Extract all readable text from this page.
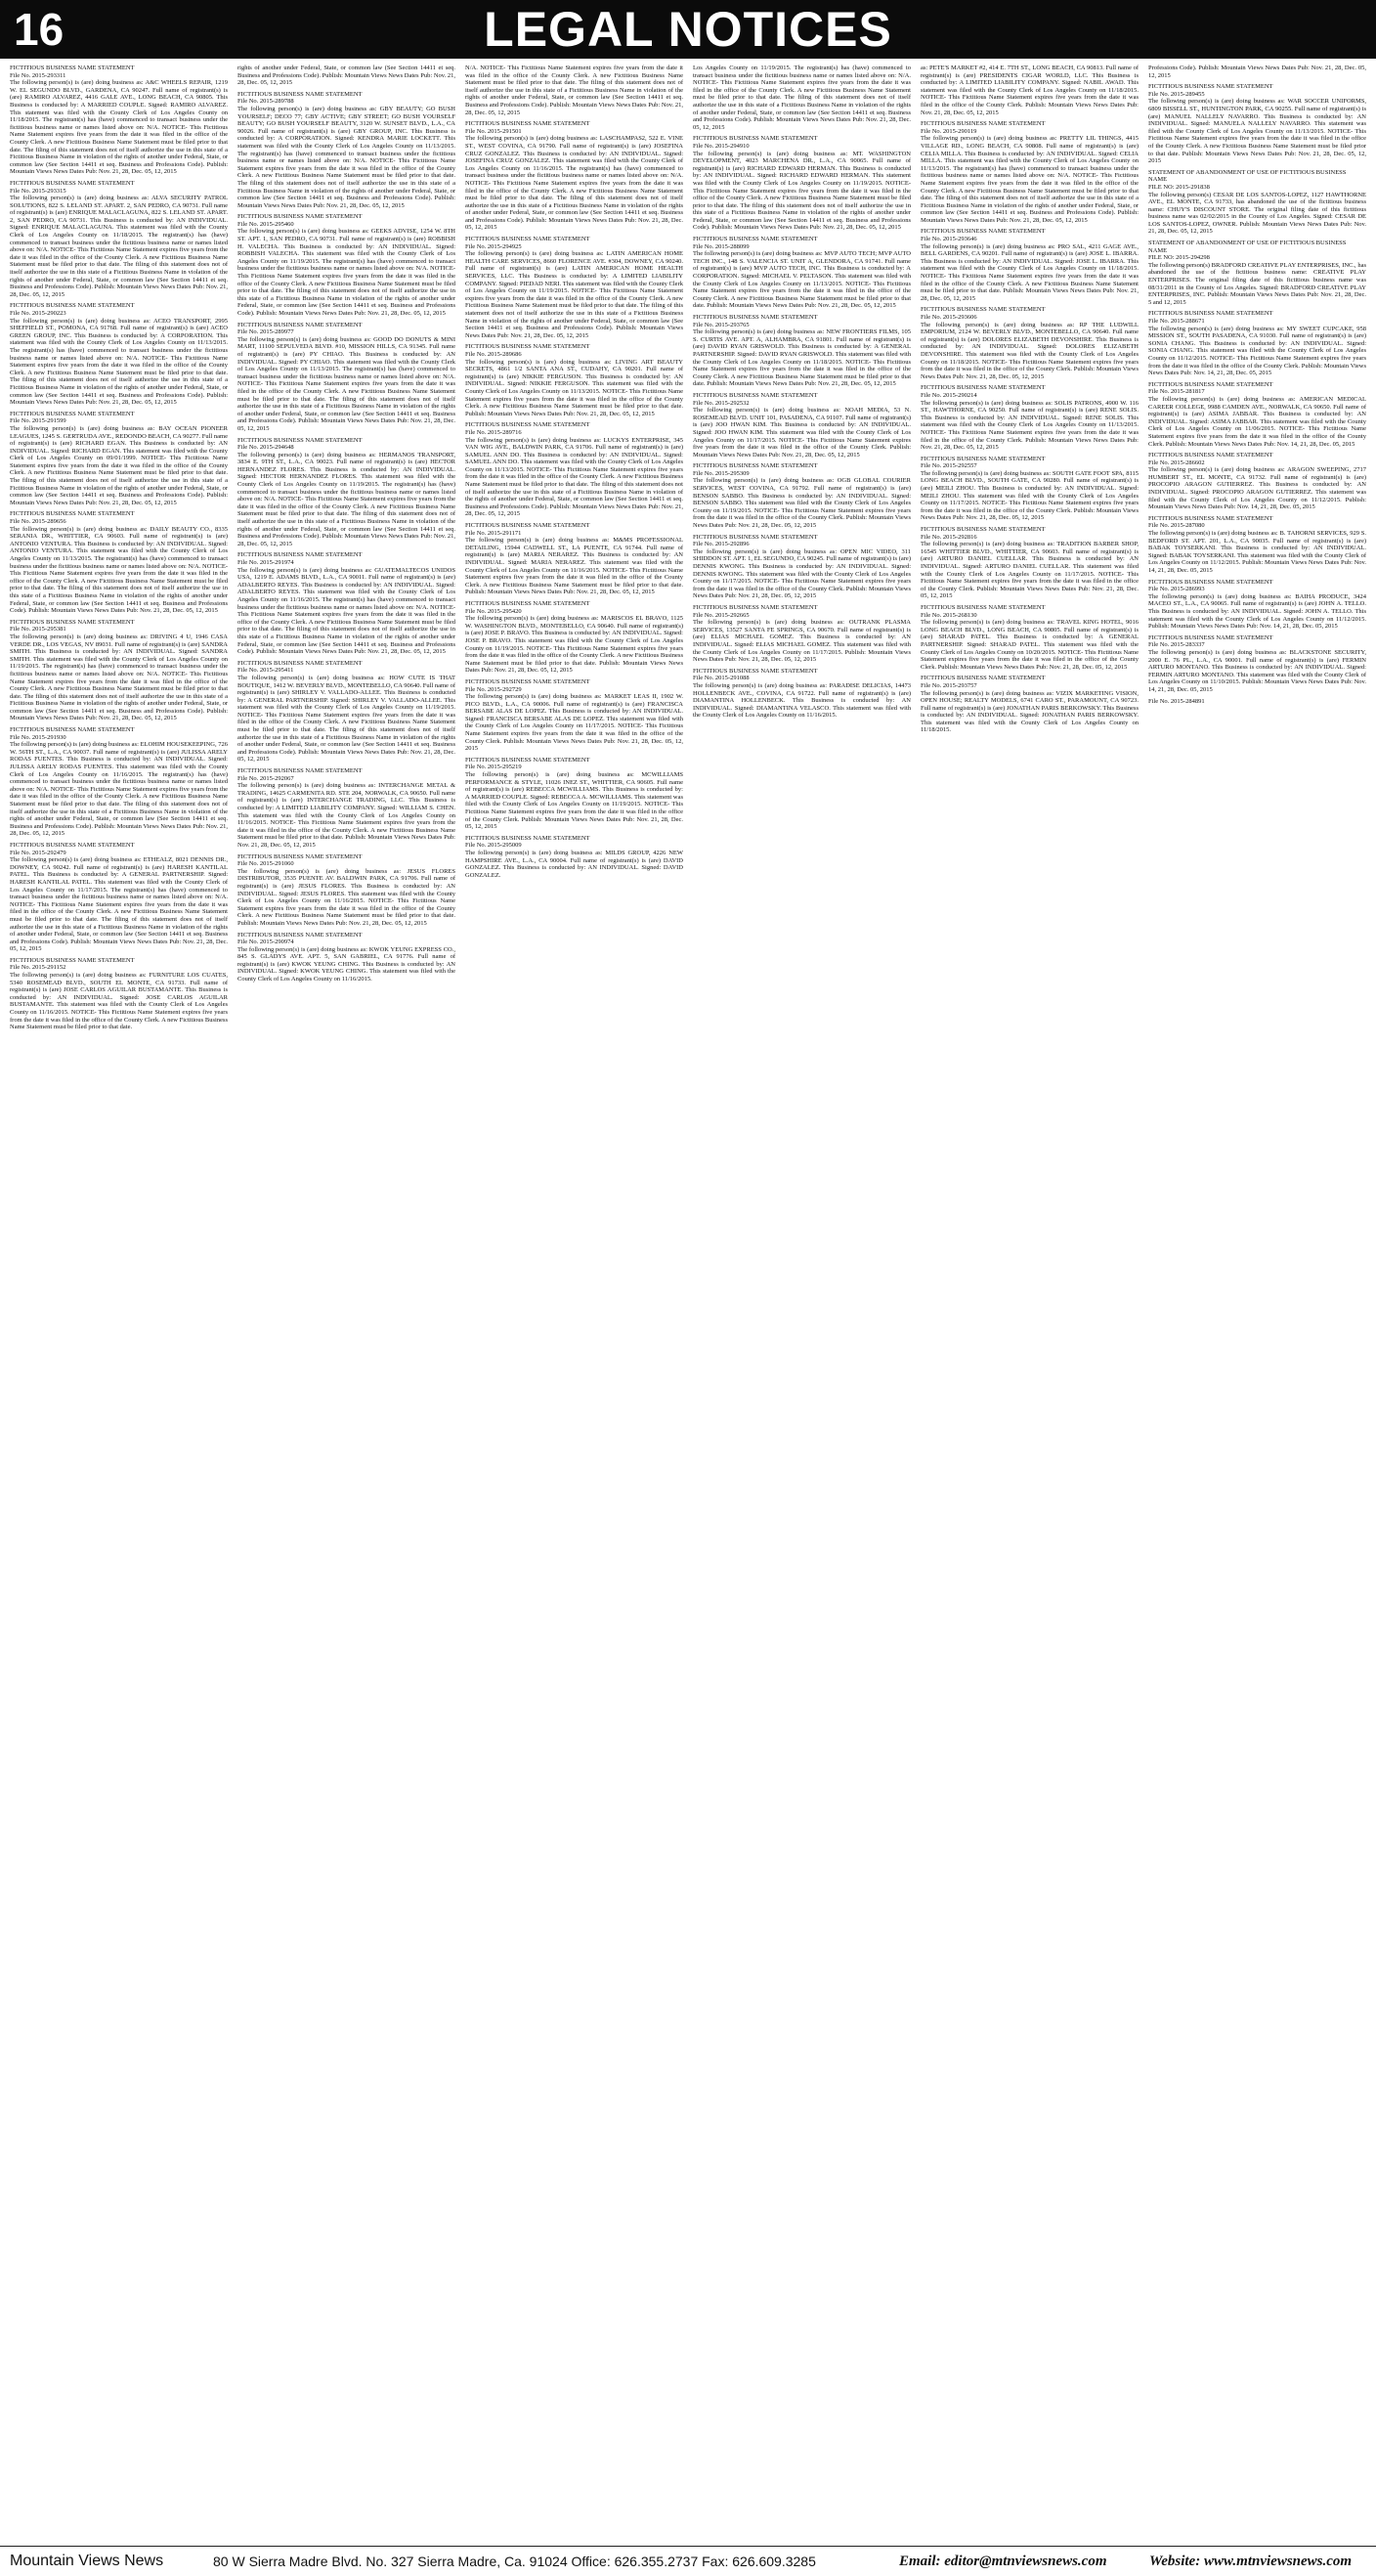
16	LEGAL NOTICES
FICTITIOUS BUSINESS NAME STATEMENT
File No. 2015-293311
The following person(s) is (are) doing business as: A&C WHEELS REPAIR, 1219 W. EL SEGUNDO BLVD., GARDENA, CA 90247. Full name of registrant(s) is (are) RAMIRO ALVAREZ, 4416 GALE AVE., LONG BEACH, CA 90805. This Business is conducted by: A MARRIED COUPLE. Signed: RAMIRO ALVAREZ. This statement was filed with the County Clerk of Los Angeles County on 11/18/2015. The registrant(s) has (have) commenced to transact business under the fictitious business name or names listed above on: N/A. NOTICE- This Fictitious Name Statement expires five years from the date it was filed in the office of the County Clerk. A new Fictitious Business Name Statement must be filed prior to that date. The filing of this statement does not of itself authorize the use in this state of a Fictitious Business Name in violation of the rights of another under Federal, State, or common law (See Section 14411 et seq. Business and Professions Code). Publish: Mountain Views News Dates Pub: Nov. 21, 28, Dec. 05, 12, 2015
FICTITIOUS BUSINESS NAME STATEMENT
File No. 2015-293315
The following person(s) is (are) doing business as: ALVA SECURITY PATROL SOLUTIONS, 822 S. LELAND ST. APART. 2, SAN PEDRO, CA 90731. Full name of registrant(s) is (are) ENRIQUE MALACLAGUNA, 822 S. LELAND ST. APART. 2, SAN PEDRO, CA 90731. This Business is conducted by: AN INDIVIDUAL. Signed: ENRIQUE MALACLAGUNA. This statement was filed with the County Clerk of Los Angeles County on 11/18/2015. The registrant(s) has (have) commenced to transact business under the fictitious business name or names listed above on: N/A. NOTICE- This Fictitious Name Statement expires five years from the date it was filed in the office of the County Clerk. A new Fictitious Business Name Statement must be filed prior to that date. The filing of this statement does not of itself authorize the use in this state of a Fictitious Business Name in violation of the rights of another under Federal, State, or common law (See Section 14411 et seq. Business and Professions Code). Publish: Mountain Views News Dates Pub: Nov. 21, 28, Dec. 05, 12, 2015
FICTITIOUS BUSINESS NAME STATEMENT
File No. 2015-290223
The following person(s) is (are) doing business as: ACEO TRANSPORT, 2995 SHEFFIELD ST., POMONA, CA 91768. Full name of registrant(s) is (are) ACEO GREEN GROUP, INC. This Business is conducted by: A CORPORATION. This statement was filed with the County Clerk of Los Angeles County on 11/13/2015. The registrant(s) has (have) commenced to transact business under the fictitious business name or names listed above on: N/A. NOTICE- This Fictitious Name Statement expires five years from the date it was filed in the office of the County Clerk. A new Fictitious Business Name Statement must be filed prior to that date. The filing of this statement does not of itself authorize the use in this state of a Fictitious Business Name in violation of the rights of another under Federal, State, or common law (See Section 14411 et seq. Business and Professions Code). Publish: Mountain Views News Dates Pub: Nov. 21, 28, Dec. 05, 12, 2015
FICTITIOUS BUSINESS NAME STATEMENT
File No. 2015-291599
The following person(s) is (are) doing business as: BAY OCEAN PIONEER LEAGUES, 1245 S. GERTRUDA AVE., REDONDO BEACH, CA 90277. Full name of registrant(s) is (are) RICHARD EGAN. This Business is conducted by: AN INDIVIDUAL. Signed: RICHARD EGAN. This statement was filed with the County Clerk of Los Angeles County on 09/01/1999. NOTICE- This Fictitious Name Statement expires five years from the date it was filed in the office of the County Clerk. A new Fictitious Business Name Statement must be filed prior to that date. The filing of this statement does not of itself authorize the use in this state of a Fictitious Business Name in violation of the rights of another under Federal, State, or common law (See Section 14411 et seq. Business and Professions Code). Publish: Mountain Views News Dates Pub: Nov. 21, 28, Dec. 05, 12, 2015
FICTITIOUS BUSINESS NAME STATEMENT
File No. 2015-289656
The following person(s) is (are) doing business as: DAILY BEAUTY CO., 8335 SERANIA DR., WHITTIER, CA 90603. Full name of registrant(s) is (are) ANTONIO VENTURA. This Business is conducted by: AN INDIVIDUAL. Signed: ANTONIO VENTURA. This statement was filed with the County Clerk of Los Angeles County on 11/13/2015. The registrant(s) has (have) commenced to transact business under the fictitious business name or names listed above on: N/A. NOTICE- This Fictitious Name Statement expires five years from the date it was filed in the office of the County Clerk. A new Fictitious Business Name Statement must be filed prior to that date. The filing of this statement does not of itself authorize the use in this state of a Fictitious Business Name in violation of the rights of another under Federal, State, or common law (See Section 14411 et seq. Business and Professions Code). Publish: Mountain Views News Dates Pub: Nov. 21, 28, Dec. 05, 12, 2015
FICTITIOUS BUSINESS NAME STATEMENT
File No. 2015-295381
The following person(s) is (are) doing business as: DRIVING 4 U, 1946 CASA VERDE DR., LOS VEGAS, NV 89031. Full name of registrant(s) is (are) SANDRA SMITH. This Business is conducted by: AN INDIVIDUAL. Signed: SANDRA SMITH. This statement was filed with the County Clerk of Los Angeles County on 11/19/2015. The registrant(s) has (have) commenced to transact business under the fictitious business name or names listed above on: N/A. NOTICE- This Fictitious Name Statement expires five years from the date it was filed in the office of the County Clerk. A new Fictitious Business Name Statement must be filed prior to that date. The filing of this statement does not of itself authorize the use in this state of a Fictitious Business Name in violation of the rights of another under Federal, State, or common law (See Section 14411 et seq. Business and Professions Code). Publish: Mountain Views News Dates Pub: Nov. 21, 28, Dec. 05, 12, 2015
FICTITIOUS BUSINESS NAME STATEMENT
File No. 2015-291930
The following person(s) is (are) doing business as: ELOHIM HOUSEKEEPING, 726 W. 56TH ST., L.A., CA 90037. Full name of registrant(s) is (are) JULISSA ARELY RODAS FUENTES. This Business is conducted by: AN INDIVIDUAL. Signed: JULISSA ARELY RODAS FUENTES. This statement was filed with the County Clerk of Los Angeles County on 11/16/2015. The registrant(s) has (have) commenced to transact business under the fictitious business name or names listed above on: N/A. NOTICE- This Fictitious Name Statement expires five years from the date it was filed in the office of the County Clerk. A new Fictitious Business Name Statement must be filed prior to that date. The filing of this statement does not of itself authorize the use in this state of a Fictitious Business Name in violation of the rights of another under Federal, State, or common law (See Section 14411 et seq. Business and Professions Code). Publish: Mountain Views News Dates Pub: Nov. 21, 28, Dec. 05, 12, 2015
FICTITIOUS BUSINESS NAME STATEMENT
File No. 2015-292479
The following person(s) is (are) doing business as: ETHEALZ, 8021 DENNIS DR., DOWNEY, CA 90242. Full name of registrant(s) is (are) HARESH KANTILAL PATEL. This Business is conducted by: A GENERAL PARTNERSHIP. Signed: HARESH KANTILAL PATEL. This statement was filed with the County Clerk of Los Angeles County on 11/17/2015. The registrant(s) has (have) commenced to transact business under the fictitious business name or names listed above on: N/A. NOTICE- This Fictitious Name Statement expires five years from the date it was filed in the office of the County Clerk. A new Fictitious Business Name Statement must be filed prior to that date. The filing of this statement does not of itself authorize the use in this state of a Fictitious Business Name in violation of the rights of another under Federal, State, or common law (See Section 14411 et seq. Business and Professions Code). Publish: Mountain Views News Dates Pub: Nov. 21, 28, Dec. 05, 12, 2015
FICTITIOUS BUSINESS NAME STATEMENT
File No. 2015-291152
The following person(s) is (are) doing business as: FURNITURE LOS CUATES, 5340 ROSEMEAD BLVD., SOUTH EL MONTE, CA 91733. Full name of registrant(s) is (are) JOSE CARLOS AGUILAR BUSTAMANTE. This Business is conducted by: AN INDIVIDUAL. Signed: JOSE CARLOS AGUILAR BUSTAMANTE. This statement was filed with the County Clerk of Los Angeles County on 11/16/2015. NOTICE- This Fictitious Name Statement expires five years from the date it was filed in the office of the County Clerk. A new Fictitious Business Name Statement must be filed prior to that date.
rights of another under Federal, State, or common law (See Section 14411 et seq. Business and Professions Code). Publish: Mountain Views News Dates Pub: Nov. 21, 28, Dec. 05, 12, 2015
FICTITIOUS BUSINESS NAME STATEMENT
File No. 2015-289788
The following person(s) is (are) doing business as: GBY BEAUTY; GO BUSH YOURSELF; DECO 77; GBY ACTIVE; GBY STREET; GO BUSH YOURSELF BEAUTY; GO BUSH YOURSELF BEAUTY, 3120 W. SUNSET BLVD., L.A., CA 90026. Full name of registrant(s) is (are) GBY GROUP, INC. This Business is conducted by: A CORPORATION. Signed: KENDRA MARIE LOCKETT. This statement was filed with the County Clerk of Los Angeles County on 11/13/2015. The registrant(s) has (have) commenced to transact business under the fictitious business name or names listed above on: N/A. NOTICE- This Fictitious Name Statement expires five years from the date it was filed in the office of the County Clerk. A new Fictitious Business Name Statement must be filed prior to that date. The filing of this statement does not of itself authorize the use in this state of a Fictitious Business Name in violation of the rights of another under Federal, State, or common law (See Section 14411 et seq. Business and Professions Code). Publish: Mountain Views News Dates Pub: Nov. 21, 28, Dec. 05, 12, 2015
FICTITIOUS BUSINESS NAME STATEMENT
File No. 2015-295460
The following person(s) is (are) doing business as: GEEKS ADVISE, 1254 W. 8TH ST. APT. 1, SAN PEDRO, CA 90731. Full name of registrant(s) is (are) ROBBISH H. VALECHA. This Business is conducted by: AN INDIVIDUAL. Signed: ROBBISH VALECHA. This statement was filed with the County Clerk of Los Angeles County on 11/19/2015. The registrant(s) has (have) commenced to transact business under the fictitious business name or names listed above on: N/A. NOTICE- This Fictitious Name Statement expires five years from the date it was filed in the office of the County Clerk. A new Fictitious Business Name Statement must be filed prior to that date. The filing of this statement does not of itself authorize the use in this state of a Fictitious Business Name in violation of the rights of another under Federal, State, or common law (See Section 14411 et seq. Business and Professions Code). Publish: Mountain Views News Dates Pub: Nov. 21, 28, Dec. 05, 12, 2015
FICTITIOUS BUSINESS NAME STATEMENT
File No. 2015-289977
The following person(s) is (are) doing business as: GOOD DO DONUTS & MINI MART, 11100 SEPULVEDA BLVD. #10, MISSION HILLS, CA 91345. Full name of registrant(s) is (are) PY CHIAO. This Business is conducted by: AN INDIVIDUAL. Signed: PY CHIAO. This statement was filed with the County Clerk of Los Angeles County on 11/13/2015. The registrant(s) has (have) commenced to transact business under the fictitious business name or names listed above on: N/A. NOTICE- This Fictitious Name Statement expires five years from the date it was filed in the office of the County Clerk. A new Fictitious Business Name Statement must be filed prior to that date. The filing of this statement does not of itself authorize the use in this state of a Fictitious Business Name in violation of the rights of another under Federal, State, or common law (See Section 14411 et seq. Business and Professions Code). Publish: Mountain Views News Dates Pub: Nov. 21, 28, Dec. 05, 12, 2015
FICTITIOUS BUSINESS NAME STATEMENT
File No. 2015-294648
The following person(s) is (are) doing business as: HERMANOS TRANSPORT, 3834 E. 9TH ST., L.A., CA 90023. Full name of registrant(s) is (are) HECTOR HERNANDEZ FLORES. This Business is conducted by: AN INDIVIDUAL. Signed: HECTOR HERNANDEZ FLORES. This statement was filed with the County Clerk of Los Angeles County on 11/19/2015. The registrant(s) has (have) commenced to transact business under the fictitious business name or names listed above on: N/A. NOTICE- This Fictitious Name Statement expires five years from the date it was filed in the office of the County Clerk. A new Fictitious Business Name Statement must be filed prior to that date. The filing of this statement does not of itself authorize the use in this state of a Fictitious Business Name in violation of the rights of another under Federal, State, or common law (See Section 14411 et seq. Business and Professions Code). Publish: Mountain Views News Dates Pub: Nov. 21, 28, Dec. 05, 12, 2015
FICTITIOUS BUSINESS NAME STATEMENT
File No. 2015-291974
The following person(s) is (are) doing business as: GUATEMALTECOS UNIDOS USA, 1219 E. ADAMS BLVD., L.A., CA 90011. Full name of registrant(s) is (are) ADALBERTO REYES. This Business is conducted by: AN INDIVIDUAL. Signed: ADALBERTO REYES. This statement was filed with the County Clerk of Los Angeles County on 11/16/2015. The registrant(s) has (have) commenced to transact business under the fictitious business name or names listed above on: N/A. NOTICE- This Fictitious Name Statement expires five years from the date it was filed in the office of the County Clerk. A new Fictitious Business Name Statement must be filed prior to that date. The filing of this statement does not of itself authorize the use in this state of a Fictitious Business Name in violation of the rights of another under Federal, State, or common law (See Section 14411 et seq. Business and Professions Code). Publish: Mountain Views News Dates Pub: Nov. 21, 28, Dec. 05, 12, 2015
FICTITIOUS BUSINESS NAME STATEMENT
File No. 2015-295411
The following person(s) is (are) doing business as: HOW CUTE IS THAT BOUTIQUE, 1412 W. BEVERLY BLVD., MONTEBELLO, CA 90640. Full name of registrant(s) is (are) SHIRLEY V. VALLADO-ALLEE. This Business is conducted by: A GENERAL PARTNERSHIP. Signed: SHIRLEY V. VALLADO-ALLEE. This statement was filed with the County Clerk of Los Angeles County on 11/19/2015. NOTICE- This Fictitious Name Statement expires five years from the date it was filed in the office of the County Clerk. A new Fictitious Business Name Statement must be filed prior to that date. The filing of this statement does not of itself authorize the use in this state of a Fictitious Business Name in violation of the rights of another under Federal, State, or common law (See Section 14411 et seq. Business and Professions Code). Publish: Mountain Views News Dates Pub: Nov. 21, 28, Dec. 05, 12, 2015
FICTITIOUS BUSINESS NAME STATEMENT
File No. 2015-292067
The following person(s) is (are) doing business as: INTERCHANGE METAL & TRADING, 14625 CARMENITA RD. STE 204, NORWALK, CA 90650. Full name of registrant(s) is (are) INTERCHANGE TRADING, LLC. This Business is conducted by: A LIMITED LIABILITY COMPANY. Signed: WILLIAM S. CHEN. This statement was filed with the County Clerk of Los Angeles County on 11/16/2015. NOTICE- This Fictitious Name Statement expires five years from the date it was filed in the office of the County Clerk. A new Fictitious Business Name Statement must be filed prior to that date. Publish: Mountain Views News Dates Pub: Nov. 21, 28, Dec. 05, 12, 2015
FICTITIOUS BUSINESS NAME STATEMENT
File No. 2015-291060
The following person(s) is (are) doing business as: JESUS FLORES DISTRIBUTOR, 3535 PUENTE AV. BALDWIN PARK, CA 91706. Full name of registrant(s) is (are) JESUS FLORES. This Business is conducted by: AN INDIVIDUAL. Signed: JESUS FLORES. This statement was filed with the County Clerk of Los Angeles County on 11/16/2015. NOTICE- This Fictitious Name Statement expires five years from the date it was filed in the office of the County Clerk. A new Fictitious Business Name Statement must be filed prior to that date. Publish: Mountain Views News Dates Pub: Nov. 21, 28, Dec. 05, 12, 2015
FICTITIOUS BUSINESS NAME STATEMENT
File No. 2015-290974
The following person(s) is (are) doing business as: KWOK YEUNG EXPRESS CO., 845 S. GLADYS AVE. APT. 5, SAN GABRIEL, CA 91776. Full name of registrant(s) is (are) KWOK YEUNG CHING. This Business is conducted by: AN INDIVIDUAL. Signed: KWOK YEUNG CHING. This statement was filed with the County Clerk of Los Angeles County on 11/16/2015.
N/A. NOTICE- This Fictitious Name Statement expires five years from the date it was filed in the office of the County Clerk. A new Fictitious Business Name Statement must be filed prior to that date. The filing of this statement does not of itself authorize the use in this state of a Fictitious Business Name in violation of the rights of another under Federal, State, or common law (See Section 14411 et seq. Business and Professions Code). Publish: Mountain Views News Dates Pub: Nov. 21, 28, Dec. 05, 12, 2015
FICTITIOUS BUSINESS NAME STATEMENT
File No. 2015-291501
The following person(s) is (are) doing business as: LASCHAMPAS2, 522 E. VINE ST., WEST COVINA, CA 91790. Full name of registrant(s) is (are) JOSEFINA CRUZ GONZALEZ. This Business is conducted by: AN INDIVIDUAL. Signed: JOSEFINA CRUZ GONZALEZ. This statement was filed with the County Clerk of Los Angeles County on 11/16/2015. The registrant(s) has (have) commenced to transact business under the fictitious business name or names listed above on: N/A. NOTICE- This Fictitious Name Statement expires five years from the date it was filed in the office of the County Clerk. A new Fictitious Business Name Statement must be filed prior to that date. The filing of this statement does not of itself authorize the use in this state of a Fictitious Business Name in violation of the rights of another under Federal, State, or common law (See Section 14411 et seq. Business and Professions Code). Publish: Mountain Views News Dates Pub: Nov. 21, 28, Dec. 05, 12, 2015
FICTITIOUS BUSINESS NAME STATEMENT
File No. 2015-294925
The following person(s) is (are) doing business as: LATIN AMERICAN HOME HEALTH CARE SERVICES, 8660 FLORENCE AVE. #304, DOWNEY, CA 90240. Full name of registrant(s) is (are) LATIN AMERICAN HOME HEALTH SERVICES, LLC. This Business is conducted by: A LIMITED LIABILITY COMPANY. Signed: PIEDAD NERI. This statement was filed with the County Clerk of Los Angeles County on 11/19/2015. NOTICE- This Fictitious Name Statement expires five years from the date it was filed in the office of the County Clerk. A new Fictitious Business Name Statement must be filed prior to that date. The filing of this statement does not of itself authorize the use in this state of a Fictitious Business Name in violation of the rights of another under Federal, State, or common law (See Section 14411 et seq. Business and Professions Code). Publish: Mountain Views News Dates Pub: Nov. 21, 28, Dec. 05, 12, 2015
FICTITIOUS BUSINESS NAME STATEMENT
File No. 2015-289686
The following person(s) is (are) doing business as: LIVING ART BEAUTY SECRETS, 4861 1/2 SANTA ANA ST., CUDAHY, CA 90201. Full name of registrant(s) is (are) NIKKIE FERGUSON. This Business is conducted by: AN INDIVIDUAL. Signed: NIKKIE FERGUSON. This statement was filed with the County Clerk of Los Angeles County on 11/13/2015. NOTICE- This Fictitious Name Statement expires five years from the date it was filed in the office of the County Clerk. A new Fictitious Business Name Statement must be filed prior to that date. Publish: Mountain Views News Dates Pub: Nov. 21, 28, Dec. 05, 12, 2015
FICTITIOUS BUSINESS NAME STATEMENT
File No. 2015-289716
The following person(s) is (are) doing business as: LUCKYS ENTERPRISE, 345 VAN WIG AVE., BALDWIN PARK, CA 91706. Full name of registrant(s) is (are) SAMUEL ANN DO. This Business is conducted by: AN INDIVIDUAL. Signed: SAMUEL ANN DO. This statement was filed with the County Clerk of Los Angeles County on 11/13/2015. NOTICE- This Fictitious Name Statement expires five years from the date it was filed in the office of the County Clerk. A new Fictitious Business Name Statement must be filed prior to that date. The filing of this statement does not of itself authorize the use in this state of a Fictitious Business Name in violation of the rights of another under Federal, State, or common law (See Section 14411 et seq. Business and Professions Code). Publish: Mountain Views News Dates Pub: Nov. 21, 28, Dec. 05, 12, 2015
FICTITIOUS BUSINESS NAME STATEMENT
File No. 2015-291171
The following person(s) is (are) doing business as: M&MS PROFESSIONAL DETAILING, 15944 CADWELL ST., LA PUENTE, CA 91744. Full name of registrant(s) is (are) MARIA NERAREZ. This Business is conducted by: AN INDIVIDUAL. Signed: MARIA NERAREZ. This statement was filed with the County Clerk of Los Angeles County on 11/16/2015. NOTICE- This Fictitious Name Statement expires five years from the date it was filed in the office of the County Clerk. A new Fictitious Business Name Statement must be filed prior to that date. Publish: Mountain Views News Dates Pub: Nov. 21, 28, Dec. 05, 12, 2015
FICTITIOUS BUSINESS NAME STATEMENT
File No. 2015-295420
The following person(s) is (are) doing business as: MARISCOS EL BRAVO, 1125 W. WASHINGTON BLVD., MONTEBELLO, CA 90640. Full name of registrant(s) is (are) JOSE P. BRAVO. This Business is conducted by: AN INDIVIDUAL. Signed: JOSE P. BRAVO. This statement was filed with the County Clerk of Los Angeles County on 11/19/2015. NOTICE- This Fictitious Name Statement expires five years from the date it was filed in the office of the County Clerk. A new Fictitious Business Name Statement must be filed prior to that date. Publish: Mountain Views News Dates Pub: Nov. 21, 28, Dec. 05, 12, 2015
FICTITIOUS BUSINESS NAME STATEMENT
File No. 2015-292729
The following person(s) is (are) doing business as: MARKET LEAS II, 1902 W. PICO BLVD., L.A., CA 90006. Full name of registrant(s) is (are) FRANCISCA BERSABE ALAS DE LOPEZ. This Business is conducted by: AN INDIVIDUAL. Signed: FRANCISCA BERSABE ALAS DE LOPEZ. This statement was filed with the County Clerk of Los Angeles County on 11/17/2015. NOTICE- This Fictitious Name Statement expires five years from the date it was filed in the office of the County Clerk. Publish: Mountain Views News Dates Pub: Nov. 21, 28, Dec. 05, 12, 2015
FICTITIOUS BUSINESS NAME STATEMENT
File No. 2015-295219
The following person(s) is (are) doing business as: MCWILLIAMS PERFORMANCE & STYLE, 11026 INEZ ST., WHITTIER, CA 90605. Full name of registrant(s) is (are) REBECCA MCWILLIAMS. This Business is conducted by: A MARRIED COUPLE. Signed: REBECCA A. MCWILLIAMS. This statement was filed with the County Clerk of Los Angeles County on 11/19/2015. NOTICE- This Fictitious Name Statement expires five years from the date it was filed in the office of the County Clerk. Publish: Mountain Views News Dates Pub: Nov. 21, 28, Dec. 05, 12, 2015
FICTITIOUS BUSINESS NAME STATEMENT
File No. 2015-295009
The following person(s) is (are) doing business as: MILDS GROUP, 4226 NEW HAMPSHIRE AVE., L.A., CA 90004. Full name of registrant(s) is (are) DAVID GONZALEZ. This Business is conducted by: AN INDIVIDUAL. Signed: DAVID GONZALEZ.
Los Angeles County on 11/19/2015. The registrant(s) has (have) commenced to transact business under the fictitious business name or names listed above on: N/A. NOTICE- This Fictitious Name Statement expires five years from the date it was filed in the office of the County Clerk. A new Fictitious Business Name Statement must be filed prior to that date. The filing of this statement does not of itself authorize the use in this state of a Fictitious Business Name in violation of the rights of another under Federal, State, or common law (See Section 14411 et seq. Business and Professions Code). Publish: Mountain Views News Dates Pub: Nov. 21, 28, Dec. 05, 12, 2015
FICTITIOUS BUSINESS NAME STATEMENT
File No. 2015-294910
The following person(s) is (are) doing business as: MT. WASHINGTON DEVELOPMENT, 4023 MARCHENA DR., L.A., CA 90065. Full name of registrant(s) is (are) RICHARD EDWARD HERMAN. This Business is conducted by: AN INDIVIDUAL. Signed: RICHARD EDWARD HERMAN. This statement was filed with the County Clerk of Los Angeles County on 11/19/2015. NOTICE- This Fictitious Name Statement expires five years from the date it was filed in the office of the County Clerk. A new Fictitious Business Name Statement must be filed prior to that date. The filing of this statement does not of itself authorize the use in this state of a Fictitious Business Name in violation of the rights of another under Federal, State, or common law (See Section 14411 et seq. Business and Professions Code). Publish: Mountain Views News Dates Pub: Nov. 21, 28, Dec. 05, 12, 2015
FICTITIOUS BUSINESS NAME STATEMENT
File No. 2015-288099
The following person(s) is (are) doing business as: MVP AUTO TECH; MVP AUTO TECH INC., 148 S. VALENCIA ST. UNIT A, GLENDORA, CA 91741. Full name of registrant(s) is (are) MVP AUTO TECH, INC. This Business is conducted by: A CORPORATION. Signed: MICHAEL V. PELTASON. This statement was filed with the County Clerk of Los Angeles County on 11/13/2015. NOTICE- This Fictitious Name Statement expires five years from the date it was filed in the office of the County Clerk. A new Fictitious Business Name Statement must be filed prior to that date. Publish: Mountain Views News Dates Pub: Nov. 21, 28, Dec. 05, 12, 2015
FICTITIOUS BUSINESS NAME STATEMENT
File No. 2015-293765
The following person(s) is (are) doing business as: NEW FRONTIERS FILMS, 105 S. CURTIS AVE. APT. A, ALHAMBRA, CA 91801. Full name of registrant(s) is (are) DAVID RYAN GRISWOLD. This Business is conducted by: A GENERAL PARTNERSHIP. Signed: DAVID RYAN GRISWOLD. This statement was filed with the County Clerk of Los Angeles County on 11/18/2015. NOTICE- This Fictitious Name Statement expires five years from the date it was filed in the office of the County Clerk. A new Fictitious Business Name Statement must be filed prior to that date. Publish: Mountain Views News Dates Pub: Nov. 21, 28, Dec. 05, 12, 2015
FICTITIOUS BUSINESS NAME STATEMENT
File No. 2015-292532
The following person(s) is (are) doing business as: NOAH MEDIA, 53 N. ROSEMEAD BLVD. UNIT 101, PASADENA, CA 91107. Full name of registrant(s) is (are) JOO HWAN KIM. This Business is conducted by: AN INDIVIDUAL. Signed: JOO HWAN KIM. This statement was filed with the County Clerk of Los Angeles County on 11/17/2015. NOTICE- This Fictitious Name Statement expires five years from the date it was filed in the office of the County Clerk. Publish: Mountain Views News Dates Pub: Nov. 21, 28, Dec. 05, 12, 2015
FICTITIOUS BUSINESS NAME STATEMENT
File No. 2015-295309
The following person(s) is (are) doing business as: OGB GLOBAL COURIER SERVICES, WEST COVINA, CA 91792. Full name of registrant(s) is (are) BENSON SABBO. This Business is conducted by: AN INDIVIDUAL. Signed: BENSON SABBO. This statement was filed with the County Clerk of Los Angeles County on 11/19/2015. NOTICE- This Fictitious Name Statement expires five years from the date it was filed in the office of the County Clerk. Publish: Mountain Views News Dates Pub: Nov. 21, 28, Dec. 05, 12, 2015
FICTITIOUS BUSINESS NAME STATEMENT
File No. 2015-292896
The following person(s) is (are) doing business as: OPEN MIC VIDEO, 311 SHIDDON ST. APT. 1, EL SEGUNDO, CA 90245. Full name of registrant(s) is (are) DENNIS KWONG. This Business is conducted by: AN INDIVIDUAL. Signed: DENNIS KWONG. This statement was filed with the County Clerk of Los Angeles County on 11/17/2015. NOTICE- This Fictitious Name Statement expires five years from the date it was filed in the office of the County Clerk. Publish: Mountain Views News Dates Pub: Nov. 21, 28, Dec. 05, 12, 2015
FICTITIOUS BUSINESS NAME STATEMENT
File No. 2015-292665
The following person(s) is (are) doing business as: OUTRANK PLASMA SERVICES, 13527 SANTA FE SPRINGS, CA 90670. Full name of registrant(s) is (are) ELIAS MICHAEL GOMEZ. This Business is conducted by: AN INDIVIDUAL. Signed: ELIAS MICHAEL GOMEZ. This statement was filed with the County Clerk of Los Angeles County on 11/17/2015. Publish: Mountain Views News Dates Pub: Nov. 21, 28, Dec. 05, 12, 2015
FICTITIOUS BUSINESS NAME STATEMENT
File No. 2015-291088
The following person(s) is (are) doing business as: PARADISE DELICIAS, 14473 HOLLENBECK AVE., COVINA, CA 91722. Full name of registrant(s) is (are) DIAMANTINA HOLLENBECK. This Business is conducted by: AN INDIVIDUAL. Signed: DIAMANTINA VELASCO. This statement was filed with the County Clerk of Los Angeles County on 11/16/2015.
as: PETE'S MARKET #2, 414 E. 7TH ST., LONG BEACH, CA 90813. Full name of registrant(s) is (are) PRESIDENTS CIGAR WORLD, LLC. This Business is conducted by: A LIMITED LIABILITY COMPANY. Signed: NABIL AWAD. This statement was filed with the County Clerk of Los Angeles County on 11/18/2015. NOTICE- This Fictitious Name Statement expires five years from the date it was filed in the office of the County Clerk. Publish: Mountain Views News Dates Pub: Nov. 21, 28, Dec. 05, 12, 2015
FICTITIOUS BUSINESS NAME STATEMENT
File No. 2015-290119
The following person(s) is (are) doing business as: PRETTY LIL THINGS, 4415 VILLAGE RD., LONG BEACH, CA 90808. Full name of registrant(s) is (are) CELIA MILLA. This Business is conducted by: AN INDIVIDUAL. Signed: CELIA MILLA. This statement was filed with the County Clerk of Los Angeles County on 11/13/2015. The registrant(s) has (have) commenced to transact business under the fictitious business name or names listed above on: N/A. NOTICE- This Fictitious Name Statement expires five years from the date it was filed in the office of the County Clerk. A new Fictitious Business Name Statement must be filed prior to that date. The filing of this statement does not of itself authorize the use in this state of a Fictitious Business Name in violation of the rights of another under Federal, State, or common law (See Section 14411 et seq. Business and Professions Code). Publish: Mountain Views News Dates Pub: Nov. 21, 28, Dec. 05, 12, 2015
FICTITIOUS BUSINESS NAME STATEMENT
File No. 2015-293646
The following person(s) is (are) doing business as: PRO SAL, 4211 GAGE AVE., BELL GARDENS, CA 90201. Full name of registrant(s) is (are) JOSE L. IBARRA. This Business is conducted by: AN INDIVIDUAL. Signed: JOSE L. IBARRA. This statement was filed with the County Clerk of Los Angeles County on 11/18/2015. NOTICE- This Fictitious Name Statement expires five years from the date it was filed in the office of the County Clerk. A new Fictitious Business Name Statement must be filed prior to that date. Publish: Mountain Views News Dates Pub: Nov. 21, 28, Dec. 05, 12, 2015
FICTITIOUS BUSINESS NAME STATEMENT
File No. 2015-293606
The following person(s) is (are) doing business as: RP THE LUDWILL EMPORIUM, 2124 W. BEVERLY BLVD., MONTEBELLO, CA 90640. Full name of registrant(s) is (are) DOLORES ELIZABETH DEVONSHIRE. This Business is conducted by: AN INDIVIDUAL. Signed: DOLORES ELIZABETH DEVONSHIRE. This statement was filed with the County Clerk of Los Angeles County on 11/18/2015. NOTICE- This Fictitious Name Statement expires five years from the date it was filed in the office of the County Clerk. Publish: Mountain Views News Dates Pub: Nov. 21, 28, Dec. 05, 12, 2015
FICTITIOUS BUSINESS NAME STATEMENT
File No. 2015-290214
The following person(s) is (are) doing business as: SOLIS PATRONS, 4900 W. 116 ST., HAWTHORNE, CA 90250. Full name of registrant(s) is (are) RENE SOLIS. This Business is conducted by: AN INDIVIDUAL. Signed: RENE SOLIS. This statement was filed with the County Clerk of Los Angeles County on 11/13/2015. NOTICE- This Fictitious Name Statement expires five years from the date it was filed in the office of the County Clerk. Publish: Mountain Views News Dates Pub: Nov. 21, 28, Dec. 05, 12, 2015
FICTITIOUS BUSINESS NAME STATEMENT
File No. 2015-292557
The following person(s) is (are) doing business as: SOUTH GATE FOOT SPA, 8115 LONG BEACH BLVD., SOUTH GATE, CA 90280. Full name of registrant(s) is (are) MEILI ZHOU. This Business is conducted by: AN INDIVIDUAL. Signed: MEILI ZHOU. This statement was filed with the County Clerk of Los Angeles County on 11/17/2015. NOTICE- This Fictitious Name Statement expires five years from the date it was filed in the office of the County Clerk. Publish: Mountain Views News Dates Pub: Nov. 21, 28, Dec. 05, 12, 2015
FICTITIOUS BUSINESS NAME STATEMENT
File No. 2015-292816
The following person(s) is (are) doing business as: TRADITION BARBER SHOP, 16545 WHITTIER BLVD., WHITTIER, CA 90603. Full name of registrant(s) is (are) ARTURO DANIEL CUELLAR. This Business is conducted by: AN INDIVIDUAL. Signed: ARTURO DANIEL CUELLAR. This statement was filed with the County Clerk of Los Angeles County on 11/17/2015. NOTICE- This Fictitious Name Statement expires five years from the date it was filed in the office of the County Clerk. Publish: Mountain Views News Dates Pub: Nov. 21, 28, Dec. 05, 12, 2015
FICTITIOUS BUSINESS NAME STATEMENT
File No. 2015-268130
The following person(s) is (are) doing business as: TRAVEL KING HOTEL, 9016 LONG BEACH BLVD., LONG BEACH, CA 90805. Full name of registrant(s) is (are) SHARAD PATEL. This Business is conducted by: A GENERAL PARTNERSHIP. Signed: SHARAD PATEL. This statement was filed with the County Clerk of Los Angeles County on 10/20/2015. NOTICE- This Fictitious Name Statement expires five years from the date it was filed in the office of the County Clerk. Publish: Mountain Views News Dates Pub: Nov. 21, 28, Dec. 05, 12, 2015
FICTITIOUS BUSINESS NAME STATEMENT
File No. 2015-293757
The following person(s) is (are) doing business as: VIZIX MARKETING VISION, OPEN HOUSE; REALTY MODELS, 6741 CARO ST., PARAMOUNT, CA 90723. Full name of registrant(s) is (are) JONATHAN PARIS BERKOWSKY. This Business is conducted by: AN INDIVIDUAL. Signed: JONATHAN PARIS BERKOWSKY. This statement was filed with the County Clerk of Los Angeles County on 11/18/2015.
Professions Code). Publish: Mountain Views News Dates Pub: Nov. 21, 28, Dec. 05, 12, 2015
FICTITIOUS BUSINESS NAME STATEMENT
File No. 2015-289455
The following person(s) is (are) doing business as: WAR SOCCER UNIFORMS, 6809 BISSELL ST., HUNTINGTON PARK, CA 90255. Full name of registrant(s) is (are) MANUEL NALLELY NAVARRO. This Business is conducted by: AN INDIVIDUAL. Signed: MANUELA NALLELY NAVARRO. This statement was filed with the County Clerk of Los Angeles County on 11/13/2015. NOTICE- This Fictitious Name Statement expires five years from the date it was filed in the office of the County Clerk. A new Fictitious Business Name Statement must be filed prior to that date. Publish: Mountain Views News Dates Pub: Nov. 21, 28, Dec. 05, 12, 2015
STATEMENT OF ABANDONMENT OF USE OF FICTITIOUS BUSINESS NAME
FILE NO: 2015-291838
The following person(s) CESAR DE LOS SANTOS-LOPEZ, 1127 HAWTHORNE AVE., EL MONTE, CA 91733, has abandoned the use of the fictitious business name: CHUY'S DISCOUNT STORE. The original filing date of this fictitious business name was 02/02/2015 in the County of Los Angeles. Signed: CESAR DE LOS SANTOS-LOPEZ, OWNER. Publish: Mountain Views News Dates Pub: Nov. 21, 28, Dec. 05, 12, 2015
STATEMENT OF ABANDONMENT OF USE OF FICTITIOUS BUSINESS NAME
FILE NO: 2015-294298
The following person(s) BRADFORD CREATIVE PLAY ENTERPRISES, INC., has abandoned the use of the fictitious business name: CREATIVE PLAY ENTERPRISES. The original filing date of this fictitious business name was 08/31/2011 in the County of Los Angeles. Signed: BRADFORD CREATIVE PLAY ENTERPRISES, INC. Publish: Mountain Views News Dates Pub: Nov. 21, 28, Dec. 5 and 12, 2015
FICTITIOUS BUSINESS NAME STATEMENT
File No. 2015-288671
The following person(s) is (are) doing business as: MY SWEET CUPCAKE, 958 MISSION ST., SOUTH PASADENA, CA 91030. Full name of registrant(s) is (are) SONIA CHANG. This Business is conducted by: AN INDIVIDUAL. Signed: SONIA CHANG. This statement was filed with the County Clerk of Los Angeles County on 11/12/2015. NOTICE- This Fictitious Name Statement expires five years from the date it was filed in the office of the County Clerk. Publish: Mountain Views News Dates Pub: Nov. 14, 21, 28, Dec. 05, 2015
FICTITIOUS BUSINESS NAME STATEMENT
File No. 2015-281817
The following person(s) is (are) doing business as: AMERICAN MEDICAL CAREER COLLEGE, 9988 CAMDEN AVE., NORWALK, CA 90650. Full name of registrant(s) is (are) ASIMA JABBAR. This Business is conducted by: AN INDIVIDUAL. Signed: ASIMA JABBAR. This statement was filed with the County Clerk of Los Angeles County on 11/06/2015. NOTICE- This Fictitious Name Statement expires five years from the date it was filed in the office of the County Clerk. Publish: Mountain Views News Dates Pub: Nov. 14, 21, 28, Dec. 05, 2015
FICTITIOUS BUSINESS NAME STATEMENT
File No. 2015-286602
The following person(s) is (are) doing business as: ARAGON SWEEPING, 2717 HUMBERT ST., EL MONTE, CA 91732. Full name of registrant(s) is (are) PROCOPIO ARAGON GUTIERREZ. This Business is conducted by: AN INDIVIDUAL. Signed: PROCOPIO ARAGON GUTIERREZ. This statement was filed with the County Clerk of Los Angeles County on 11/12/2015. Publish: Mountain Views News Dates Pub: Nov. 14, 21, 28, Dec. 05, 2015
FICTITIOUS BUSINESS NAME STATEMENT
File No. 2015-287080
The following person(s) is (are) doing business as: B. TAHORNI SERVICES, 929 S. BEDFORD ST. APT. 201, L.A., CA 90035. Full name of registrant(s) is (are) BABAK TOYSERKANI. This Business is conducted by: AN INDIVIDUAL. Signed: BABAK TOYSERKANI. This statement was filed with the County Clerk of Los Angeles County on 11/12/2015. Publish: Mountain Views News Dates Pub: Nov. 14, 21, 28, Dec. 05, 2015
FICTITIOUS BUSINESS NAME STATEMENT
File No. 2015-286993
The following person(s) is (are) doing business as: BAIHA PRODUCE, 3424 MACEO ST., L.A., CA 90065. Full name of registrant(s) is (are) JOHN A. TELLO. This Business is conducted by: AN INDIVIDUAL. Signed: JOHN A. TELLO. This statement was filed with the County Clerk of Los Angeles County on 11/12/2015. Publish: Mountain Views News Dates Pub: Nov. 14, 21, 28, Dec. 05, 2015
FICTITIOUS BUSINESS NAME STATEMENT
File No. 2015-283337
The following person(s) is (are) doing business as: BLACKSTONE SECURITY, 2000 E. 76 PL., L.A., CA 90001. Full name of registrant(s) is (are) FERMIN ARTURO MONTANO. This Business is conducted by: AN INDIVIDUAL. Signed: FERMIN ARTURO MONTANO. This statement was filed with the County Clerk of Los Angeles County on 11/10/2015. Publish: Mountain Views News Dates Pub: Nov. 14, 21, 28, Dec. 05, 2015
File No. 2015-284891
Mountain Views News	80 W Sierra Madre Blvd. No. 327 Sierra Madre, Ca. 91024 Office: 626.355.2737 Fax: 626.609.3285	Email: editor@mtnviewsnews.com	Website: www.mtnviewsnews.com
